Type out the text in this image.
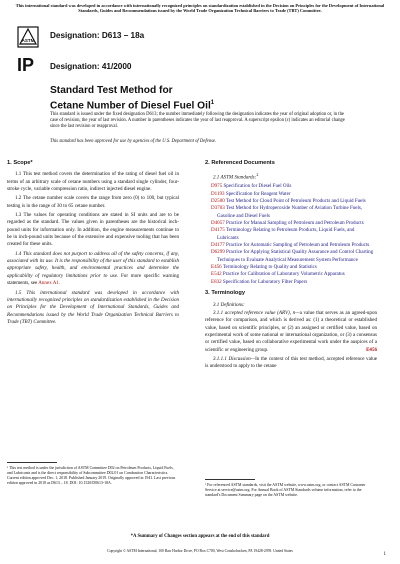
This international standard was developed in accordance with internationally recognized principles on standardization established in the Decision on Principles for the Development of International Standards, Guides and Recommendations issued by the World Trade Organization Technical Barriers to Trade (TBT) Committee.
ASTM
IP
Designation: D613 – 18a
Designation: 41/2000
Standard Test Method for
Cetane Number of Diesel Fuel Oil$^1$
This standard is issued under the fixed designation D613; the number immediately following the designation indicates the year of original adoption or, in the case of revision, the year of last revision. A number in parentheses indicates the year of last reapproval. A superscript epsilon (ε) indicates an editorial change since the last revision or reapproval.
This standard has been approved for use by agencies of the U.S. Department of Defense.
1. Scope*

1.1 This test method covers the determination of the rating of diesel fuel oil in terms of an arbitrary scale of cetane numbers using a standard single cylinder, four-stroke cycle, variable compression ratio, indirect injected diesel engine.

1.2 The cetane number scale covers the range from zero (0) to 100, but typical testing is in the range of 30 to 65 cetane number.

1.3 The values for operating conditions are stated in SI units and are to be regarded as the standard. The values given in parentheses are the historical inch-pound units for information only. In addition, the engine measurements continue to be in inch-pound units because of the extensive and expensive tooling that has been created for these units.

1.4 This standard does not purport to address all of the safety concerns, if any, associated with its use. It is the responsibility of the user of this standard to establish appropriate safety, health, and environmental practices and determine the applicability of regulatory limitations prior to use. For more specific warning statements, see Annex A1.

1.5 This international standard was developed in accordance with internationally recognized principles on standardization established in the Decision on Principles for the Development of International Standards, Guides and Recommendations issued by the World Trade Organization Technical Barriers to Trade (TBT) Committee.

2. Referenced Documents
2.1 ASTM Standards:$^2$
D975 Specification for Diesel Fuel Oils
D1193 Specification for Reagent Water
D2500 Test Method for Cloud Point of Petroleum Products and Liquid Fuels
D3703 Test Method for Hydroperoxide Number of Aviation Turbine Fuels, Gasoline and Diesel Fuels
D4057 Practice for Manual Sampling of Petroleum and Petroleum Products
D4175 Terminology Relating to Petroleum Products, Liquid Fuels, and Lubricants
D4177 Practice for Automatic Sampling of Petroleum and Petroleum Products
D6299 Practice for Applying Statistical Quality Assurance and Control Charting Techniques to Evaluate Analytical Measurement System Performance
E456 Terminology Relating to Quality and Statistics
E542 Practice for Calibration of Laboratory Volumetric Apparatus
E832 Specification for Laboratory Filter Papers
3. Terminology
3.1 Definitions:

3.1.1 accepted reference value (ARV), n—a value that serves as an agreed-upon reference for comparison, and which is derived as: (1) a theoretical or established value, based on scientific principles, or (2) an assigned or certified value, based on experimental work of some national or international organization, or (3) a consensus or certified value, based on collaborative experimental work under the auspices of a scientific or engineering group.	E456

3.1.1.1 Discussion—In the context of this test method, accepted reference value is understood to apply to the cetane

¹ This test method is under the jurisdiction of ASTM Committee D02 on Petroleum Products, Liquid Fuels, and Lubricants and is the direct responsibility of Subcommittee D02.01 on Combustion Characteristics. Current edition approved Dec. 1, 2018. Published January 2019. Originally approved in 1941. Last previous edition approved in 2018 as D613 – 18. DOI: 10.1520/D0613-18A.	² For referenced ASTM standards, visit the ASTM website, www.astm.org, or contact ASTM Customer Service at service@astm.org. For Annual Book of ASTM Standards volume information, refer to the standard's Document Summary page on the ASTM website.
*A Summary of Changes section appears at the end of this standard
Copyright © ASTM International, 100 Barr Harbor Drive, PO Box C700, West Conshohocken, PA 19428-2959. United States
1
